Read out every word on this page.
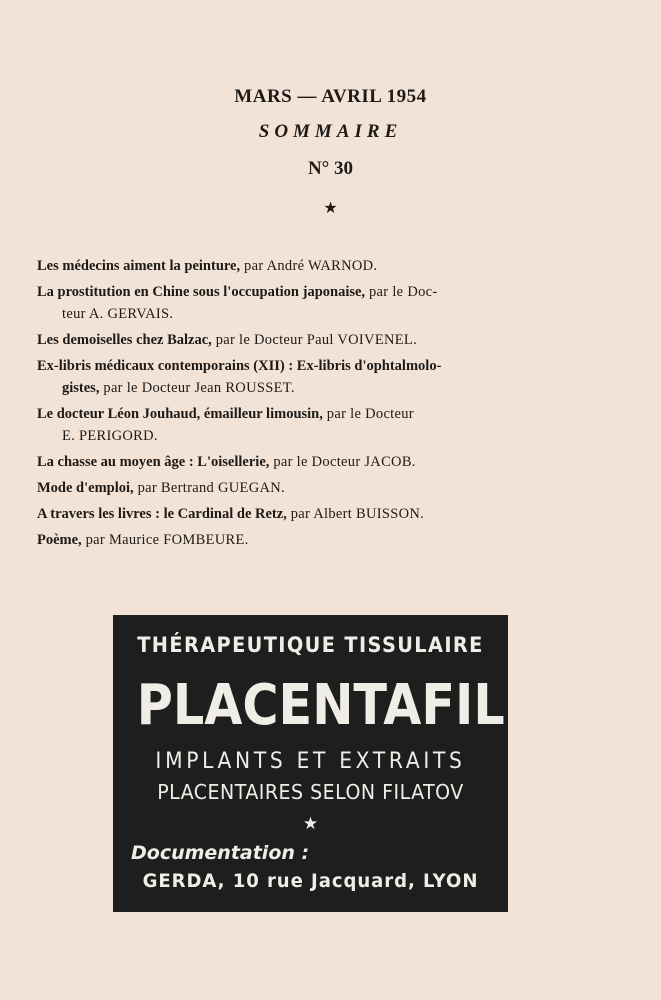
MARS — AVRIL 1954
SOMMAIRE
N° 30
★
Les médecins aiment la peinture, par André WARNOD.
La prostitution en Chine sous l'occupation japonaise, par le Doc-
teur A. GERVAIS.
Les demoiselles chez Balzac, par le Docteur Paul VOIVENEL.
Ex-libris médicaux contemporains (XII) : Ex-libris d'ophtalmolo-
gistes, par le Docteur Jean ROUSSET.
Le docteur Léon Jouhaud, émailleur limousin, par le Docteur
E. PERIGORD.
La chasse au moyen âge : L'oisellerie, par le Docteur JACOB.
Mode d'emploi, par Bertrand GUEGAN.
A travers les livres : le Cardinal de Retz, par Albert BUISSON.
Poème, par Maurice FOMBEURE.
THÉRAPEUTIQUE TISSULAIRE
PLACENTAFIL
IMPLANTS ET EXTRAITS
PLACENTAIRES SELON FILATOV
★
Documentation :
GERDA, 10 rue Jacquard, LYON
